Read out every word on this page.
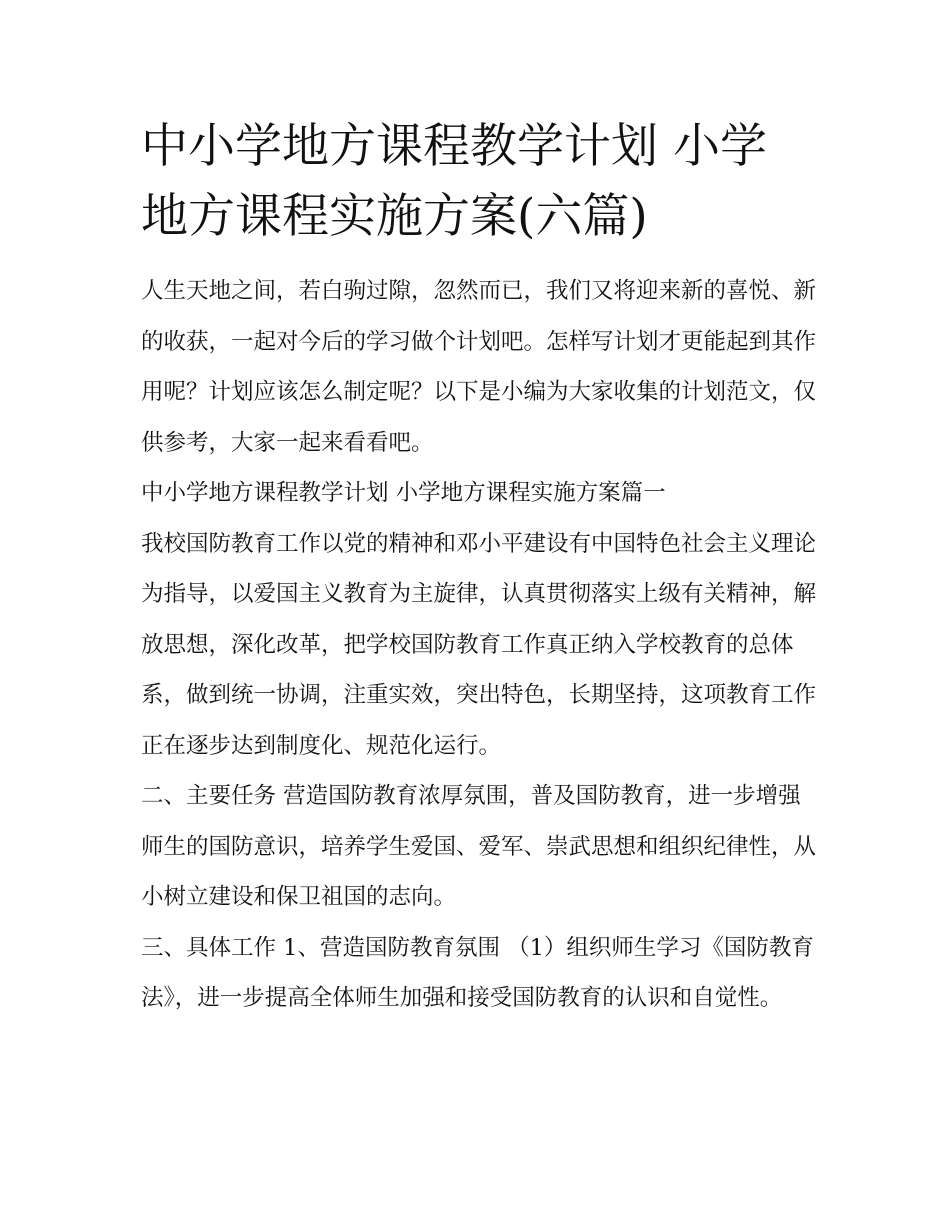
中小学地方课程教学计划 小学
地方课程实施方案(六篇)

人生天地之间，若白驹过隙，忽然而已，我们又将迎来新的喜悦、新的收获，一起对今后的学习做个计划吧。怎样写计划才更能起到其作用呢？计划应该怎么制定呢？以下是小编为大家收集的计划范文，仅供参考，大家一起来看看吧。

中小学地方课程教学计划 小学地方课程实施方案篇一

我校国防教育工作以党的精神和邓小平建设有中国特色社会主义理论为指导，以爱国主义教育为主旋律，认真贯彻落实上级有关精神，解放思想，深化改革，把学校国防教育工作真正纳入学校教育的总体系，做到统一协调，注重实效，突出特色，长期坚持，这项教育工作正在逐步达到制度化、规范化运行。

二、主要任务 营造国防教育浓厚氛围，普及国防教育，进一步增强师生的国防意识，培养学生爱国、爱军、崇武思想和组织纪律性，从小树立建设和保卫祖国的志向。

三、具体工作 1、营造国防教育氛围 （1）组织师生学习《国防教育法》，进一步提高全体师生加强和接受国防教育的认识和自觉性。
